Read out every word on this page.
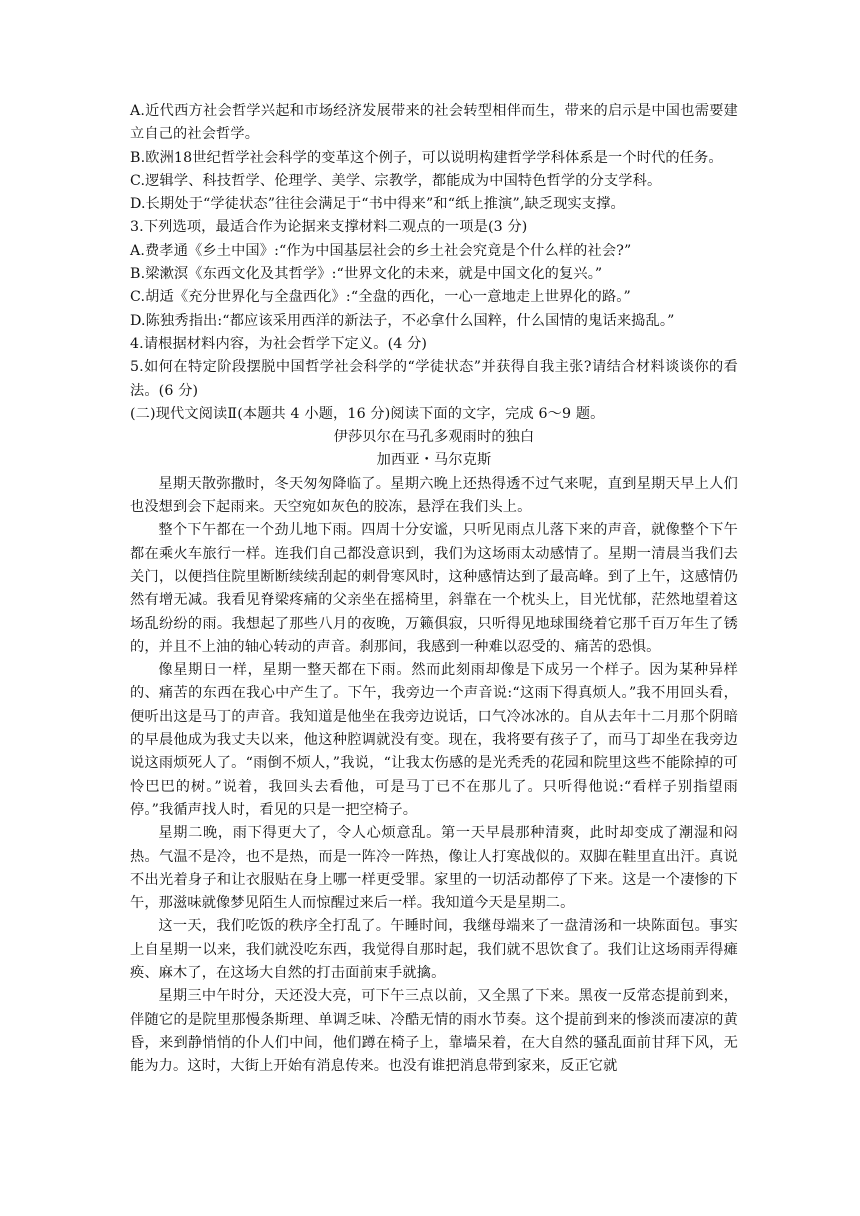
A.近代西方社会哲学兴起和市场经济发展带来的社会转型相伴而生，带来的启示是中国也需要建立自己的社会哲学。

B.欧洲18世纪哲学社会科学的变革这个例子，可以说明构建哲学学科体系是一个时代的任务。

C.逻辑学、科技哲学、伦理学、美学、宗教学，都能成为中国特色哲学的分支学科。

D.长期处于“学徒状态”往往会满足于“书中得来”和“纸上推演”,缺乏现实支撑。

3.下列选项，最适合作为论据来支撑材料二观点的一项是(3 分)

A.费孝通《乡土中国》:“作为中国基层社会的乡土社会究竟是个什么样的社会?”

B.梁漱溟《东西文化及其哲学》:“世界文化的未来，就是中国文化的复兴。”

C.胡适《充分世界化与全盘西化》:“全盘的西化，一心一意地走上世界化的路。”

D.陈独秀指出:“都应该采用西洋的新法子，不必拿什么国粹，什么国情的鬼话来捣乱。”

4.请根据材料内容，为社会哲学下定义。(4 分)

5.如何在特定阶段摆脱中国哲学社会科学的“学徒状态”并获得自我主张?请结合材料谈谈你的看法。(6 分)

(二)现代文阅读Ⅱ(本题共 4 小题，16 分)阅读下面的文字，完成 6～9 题。

伊莎贝尔在马孔多观雨时的独白

加西亚・马尔克斯

星期天散弥撒时，冬天匆匆降临了。星期六晚上还热得透不过气来呢，直到星期天早上人们也没想到会下起雨来。天空宛如灰色的胶冻，悬浮在我们头上。

整个下午都在一个劲儿地下雨。四周十分安谧，只听见雨点儿落下来的声音，就像整个下午都在乘火车旅行一样。连我们自己都没意识到，我们为这场雨太动感情了。星期一清晨当我们去关门，以便挡住院里断断续续刮起的刺骨寒风时，这种感情达到了最高峰。到了上午，这感情仍然有增无减。我看见脊梁疼痛的父亲坐在摇椅里，斜靠在一个枕头上，目光忧郁，茫然地望着这场乱纷纷的雨。我想起了那些八月的夜晚，万籁俱寂，只听得见地球围绕着它那千百万年生了锈的，并且不上油的轴心转动的声音。刹那间，我感到一种难以忍受的、痛苦的恐惧。

像星期日一样，星期一整天都在下雨。然而此刻雨却像是下成另一个样子。因为某种异样的、痛苦的东西在我心中产生了。下午，我旁边一个声音说:“这雨下得真烦人。”我不用回头看，便听出这是马丁的声音。我知道是他坐在我旁边说话，口气冷冰冰的。自从去年十二月那个阴暗的早晨他成为我丈夫以来，他这种腔调就没有变。现在，我将要有孩子了，而马丁却坐在我旁边说这雨烦死人了。“雨倒不烦人，”我说，“让我太伤感的是光秃秃的花园和院里这些不能除掉的可怜巴巴的树。”说着，我回头去看他，可是马丁已不在那儿了。只听得他说:“看样子别指望雨停。”我循声找人时，看见的只是一把空椅子。

星期二晚，雨下得更大了，令人心烦意乱。第一天早晨那种清爽，此时却变成了潮湿和闷热。气温不是冷，也不是热，而是一阵冷一阵热，像让人打寒战似的。双脚在鞋里直出汗。真说不出光着身子和让衣服贴在身上哪一样更受罪。家里的一切活动都停了下来。这是一个凄惨的下午，那滋味就像梦见陌生人而惊醒过来后一样。我知道今天是星期二。

这一天，我们吃饭的秩序全打乱了。午睡时间，我继母端来了一盘清汤和一块陈面包。事实上自星期一以来，我们就没吃东西，我觉得自那时起，我们就不思饮食了。我们让这场雨弄得瘫痪、麻木了，在这场大自然的打击面前束手就擒。

星期三中午时分，天还没大亮，可下午三点以前，又全黑了下来。黑夜一反常态提前到来，伴随它的是院里那慢条斯理、单调乏味、冷酷无情的雨水节奏。这个提前到来的惨淡而凄凉的黄昏，来到静悄悄的仆人们中间，他们蹲在椅子上，靠墙呆着，在大自然的骚乱面前甘拜下风，无能为力。这时，大街上开始有消息传来。也没有谁把消息带到家来，反正它就
